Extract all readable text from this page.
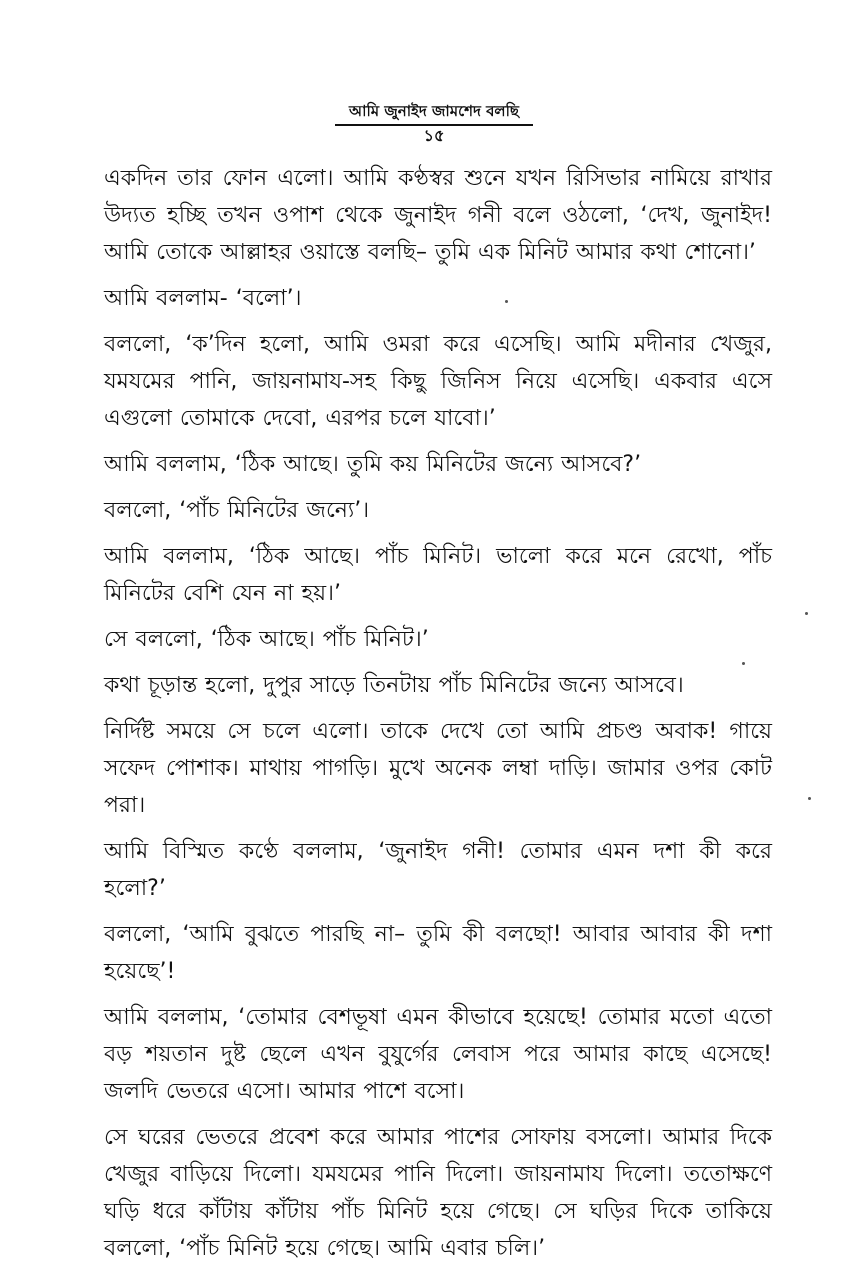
আমি জুনাইদ জামশেদ বলছি
১৫

একদিন তার ফোন এলো। আমি কণ্ঠস্বর শুনে যখন রিসিভার নামিয়ে রাখার উদ্যত হচ্ছি তখন ওপাশ থেকে জুনাইদ গনী বলে ওঠলো, ‘দেখ, জুনাইদ! আমি তোকে আল্লাহর ওয়াস্তে বলছি– তুমি এক মিনিট আমার কথা শোনো।’

আমি বললাম- ‘বলো’।

বললো, ‘ক’দিন হলো, আমি ওমরা করে এসেছি। আমি মদীনার খেজুর, যমযমের পানি, জায়নামায-সহ কিছু জিনিস নিয়ে এসেছি। একবার এসে এগুলো তোমাকে দেবো, এরপর চলে যাবো।’

আমি বললাম, ‘ঠিক আছে। তুমি কয় মিনিটের জন্যে আসবে?’

বললো, ‘পাঁচ মিনিটের জন্যে’।

আমি বললাম, ‘ঠিক আছে। পাঁচ মিনিট। ভালো করে মনে রেখো, পাঁচ মিনিটের বেশি যেন না হয়।’

সে বললো, ‘ঠিক আছে। পাঁচ মিনিট।’

কথা চূড়ান্ত হলো, দুপুর সাড়ে তিনটায় পাঁচ মিনিটের জন্যে আসবে।

নির্দিষ্ট সময়ে সে চলে এলো। তাকে দেখে তো আমি প্রচণ্ড অবাক! গায়ে সফেদ পোশাক। মাথায় পাগড়ি। মুখে অনেক লম্বা দাড়ি। জামার ওপর কোট পরা।

আমি বিস্মিত কণ্ঠে বললাম, ‘জুনাইদ গনী! তোমার এমন দশা কী করে হলো?’

বললো, ‘আমি বুঝতে পারছি না– তুমি কী বলছো! আবার আবার কী দশা হয়েছে’!

আমি বললাম, ‘তোমার বেশভূষা এমন কীভাবে হয়েছে! তোমার মতো এতো বড় শয়তান দুষ্ট ছেলে এখন বুযুর্গের লেবাস পরে আমার কাছে এসেছে! জলদি ভেতরে এসো। আমার পাশে বসো।

সে ঘরের ভেতরে প্রবেশ করে আমার পাশের সোফায় বসলো। আমার দিকে খেজুর বাড়িয়ে দিলো। যমযমের পানি দিলো। জায়নামায দিলো। ততোক্ষণে ঘড়ি ধরে কাঁটায় কাঁটায় পাঁচ মিনিট হয়ে গেছে। সে ঘড়ির দিকে তাকিয়ে বললো, ‘পাঁচ মিনিট হয়ে গেছে। আমি এবার চলি।’
